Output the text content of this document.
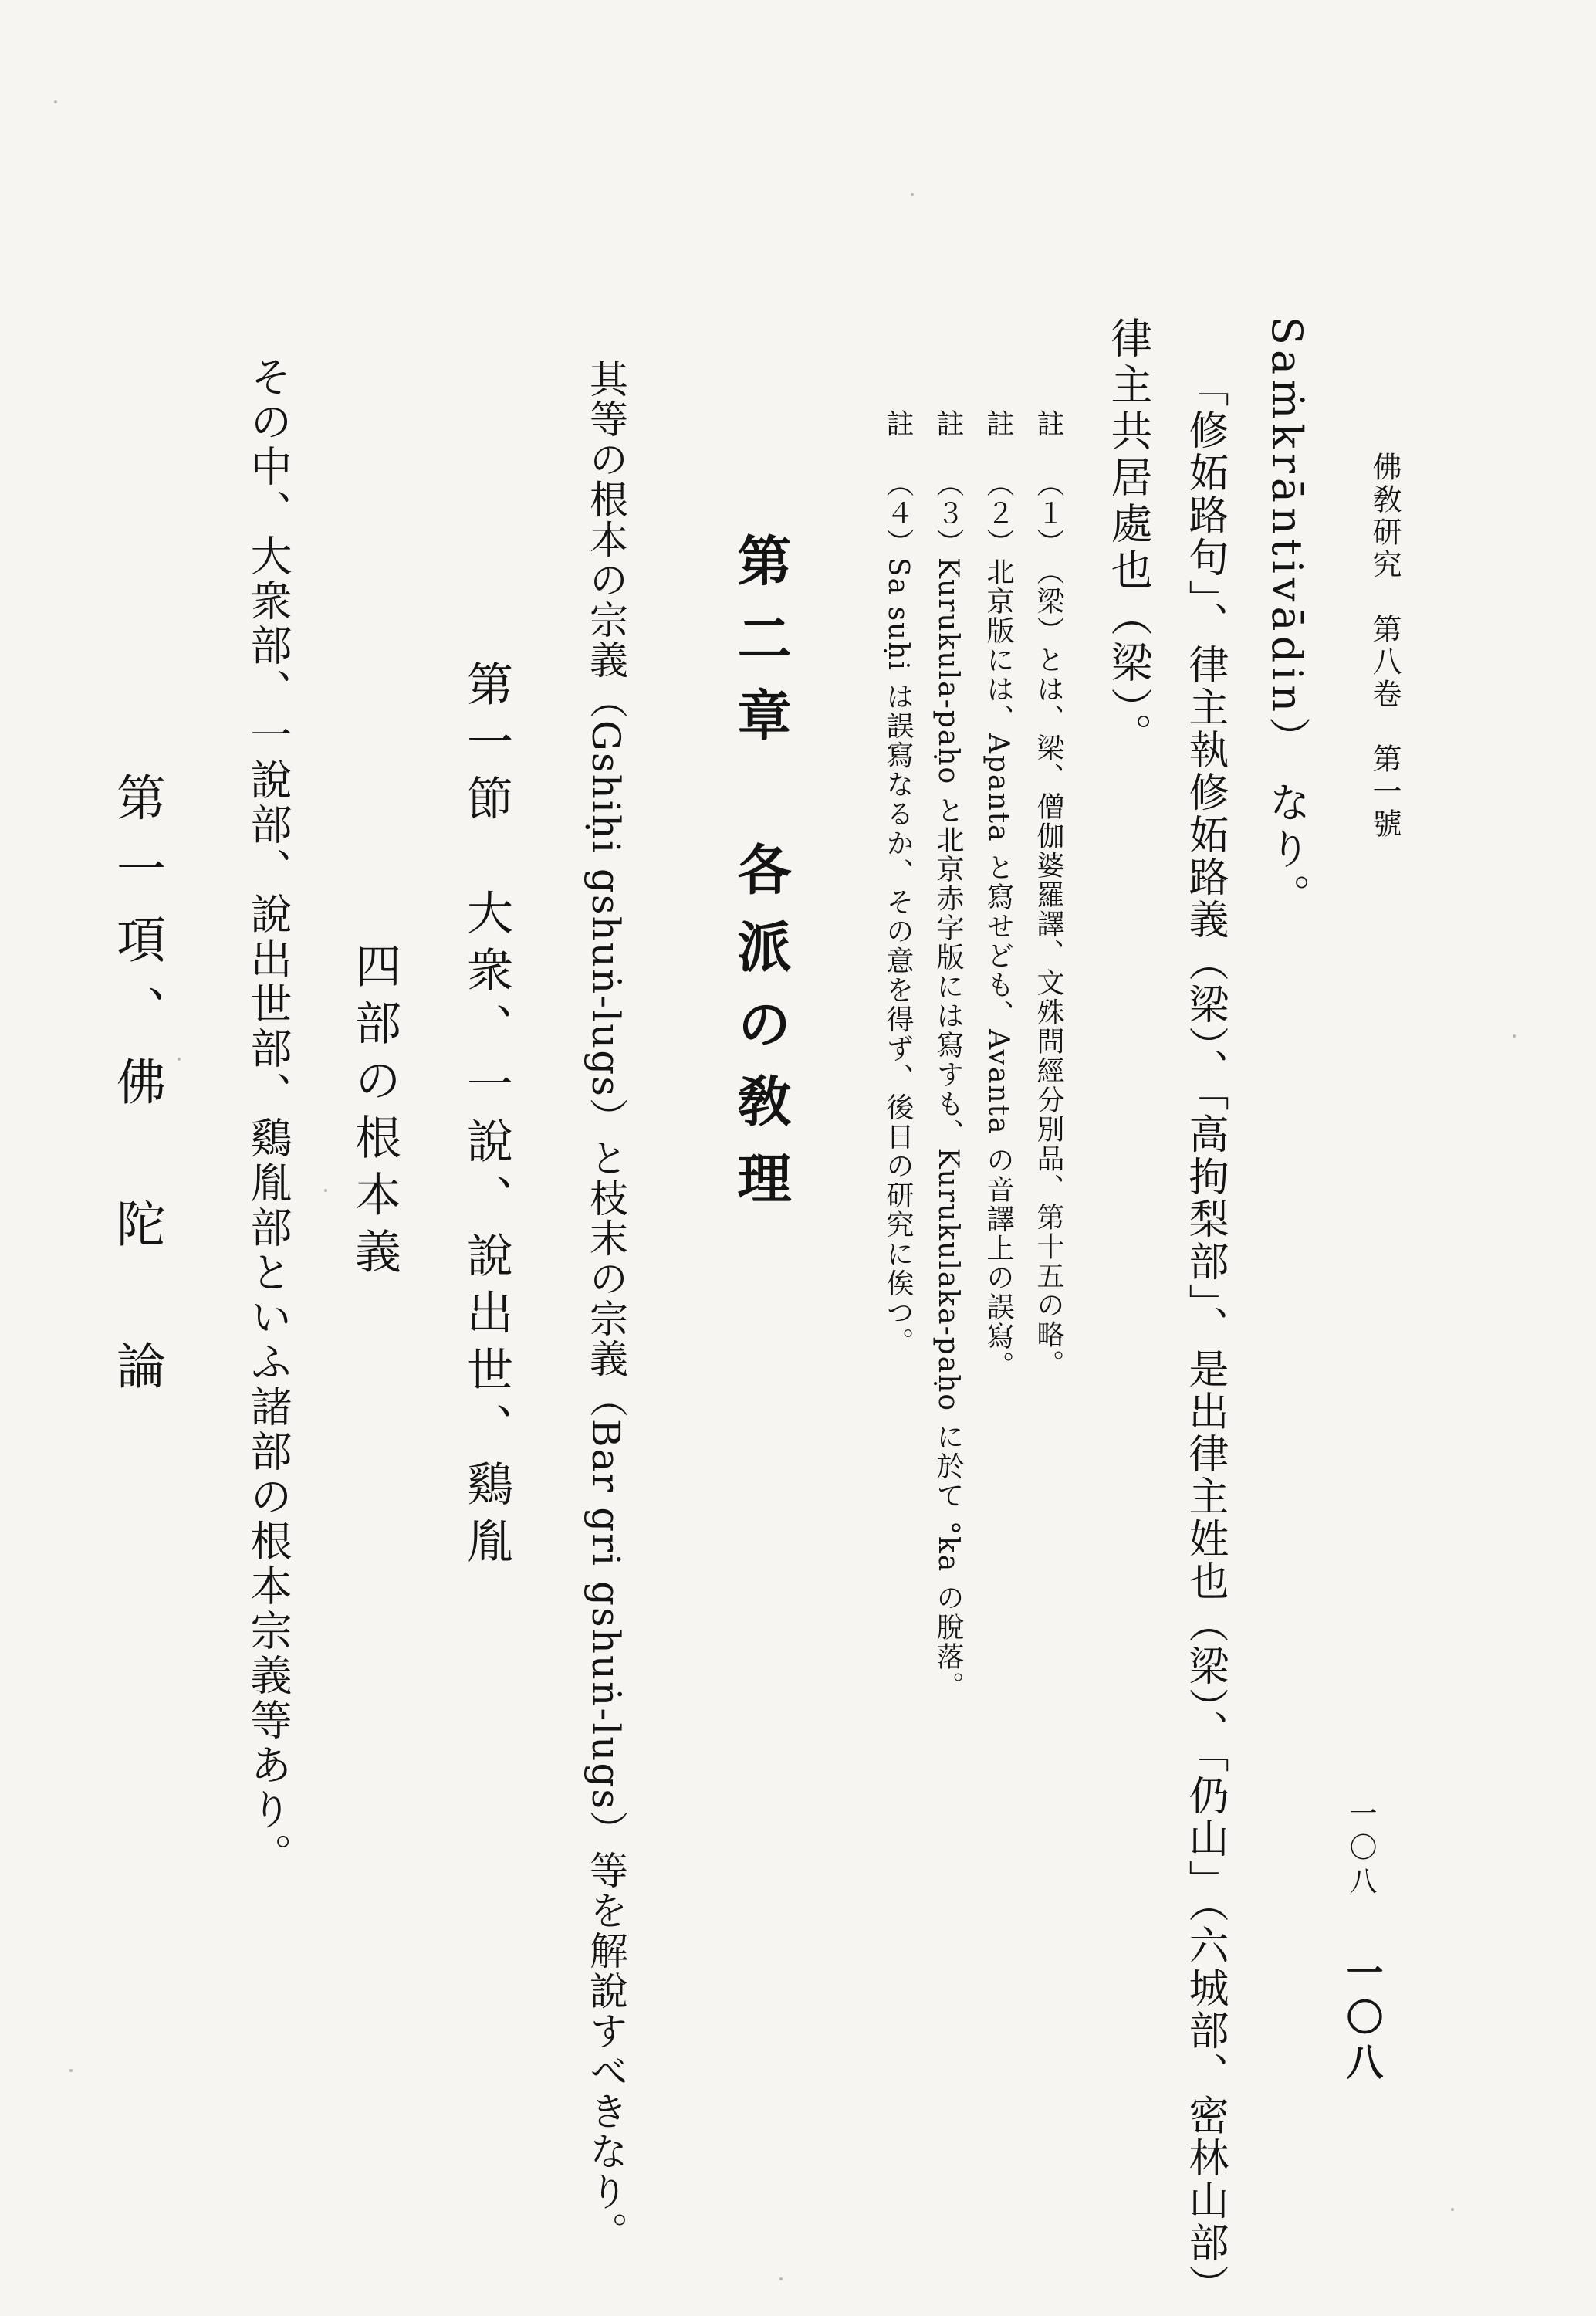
佛敎研究　第八卷　第一號
一〇八
一〇八
Saṁkrāntivādin） なり。
「修妬路句」、律主執修妬路義（梁）、「高拘梨部」、是出律主姓也（梁）、「仍山」（六城部、密林山部）
律主共居處也（梁）。
註（１）（梁）とは、梁、僧伽婆羅譯、文殊問經分別品、第十五の略。
註（２）北京版には、Apanta と寫せども、Avanta の音譯上の誤寫。
註（３）Kurukula-paḥo と北京赤字版には寫すも、Kurukulaka-paḥo に於て °ka の脫落。
註（４）Sa suḥi は誤寫なるか、その意を得ず、後日の研究に俟つ。
第二章　各派の敎理
其等の根本の宗義（Gshiḥi gshuṅ-lugs）と枝末の宗義（Bar gri gshuṅ-lugs）等を解說すべきなり。
第一節　大衆、一說、說出世、鷄胤
四部の根本義
その中、大衆部、一說部、說出世部、鷄胤部といふ諸部の根本宗義等あり。
第一項、佛　陀　論
